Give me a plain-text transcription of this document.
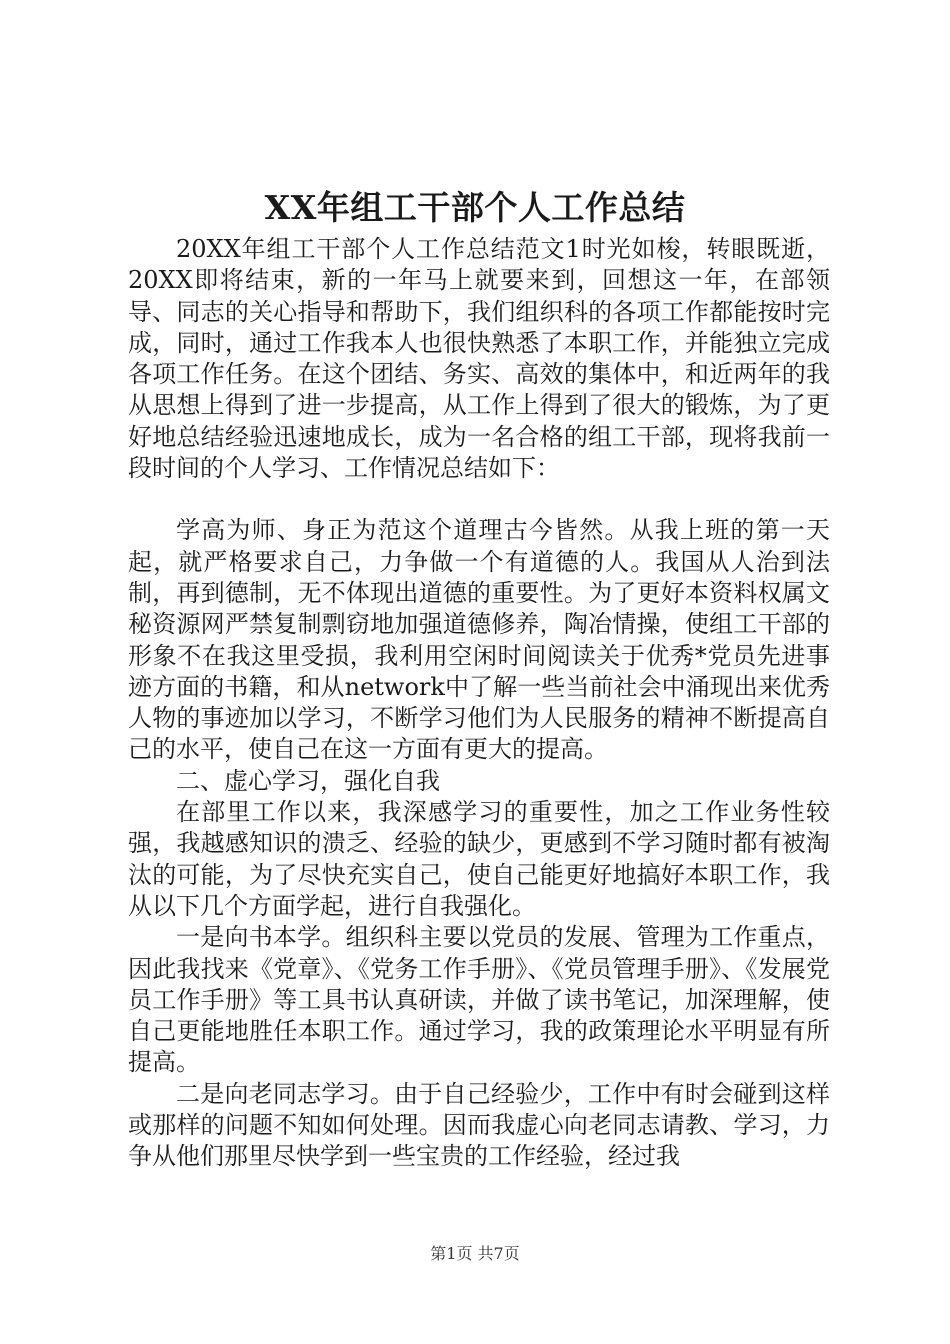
XX年组工干部个人工作总结

20XX年组工干部个人工作总结范文1时光如梭，转眼既逝，20XX即将结束，新的一年马上就要来到，回想这一年，在部领导、同志的关心指导和帮助下，我们组织科的各项工作都能按时完成，同时，通过工作我本人也很快熟悉了本职工作，并能独立完成各项工作任务。在这个团结、务实、高效的集体中，和近两年的我从思想上得到了进一步提高，从工作上得到了很大的锻炼，为了更好地总结经验迅速地成长，成为一名合格的组工干部，现将我前一段时间的个人学习、工作情况总结如下：

学高为师、身正为范这个道理古今皆然。从我上班的第一天起，就严格要求自己，力争做一个有道德的人。我国从人治到法制，再到德制，无不体现出道德的重要性。为了更好本资料权属文秘资源网严禁复制剽窃地加强道德修养，陶冶情操，使组工干部的形象不在我这里受损，我利用空闲时间阅读关于优秀*党员先进事迹方面的书籍，和从network中了解一些当前社会中涌现出来优秀人物的事迹加以学习，不断学习他们为人民服务的精神不断提高自己的水平，使自己在这一方面有更大的提高。

二、虚心学习，强化自我

在部里工作以来，我深感学习的重要性，加之工作业务性较强，我越感知识的溃乏、经验的缺少，更感到不学习随时都有被淘汰的可能，为了尽快充实自己，使自己能更好地搞好本职工作，我从以下几个方面学起，进行自我强化。

一是向书本学。组织科主要以党员的发展、管理为工作重点，因此我找来《党章》、《党务工作手册》、《党员管理手册》、《发展党员工作手册》等工具书认真研读，并做了读书笔记，加深理解，使自己更能地胜任本职工作。通过学习，我的政策理论水平明显有所提高。

二是向老同志学习。由于自己经验少，工作中有时会碰到这样或那样的问题不知如何处理。因而我虚心向老同志请教、学习，力争从他们那里尽快学到一些宝贵的工作经验，经过我

第1页 共7页
